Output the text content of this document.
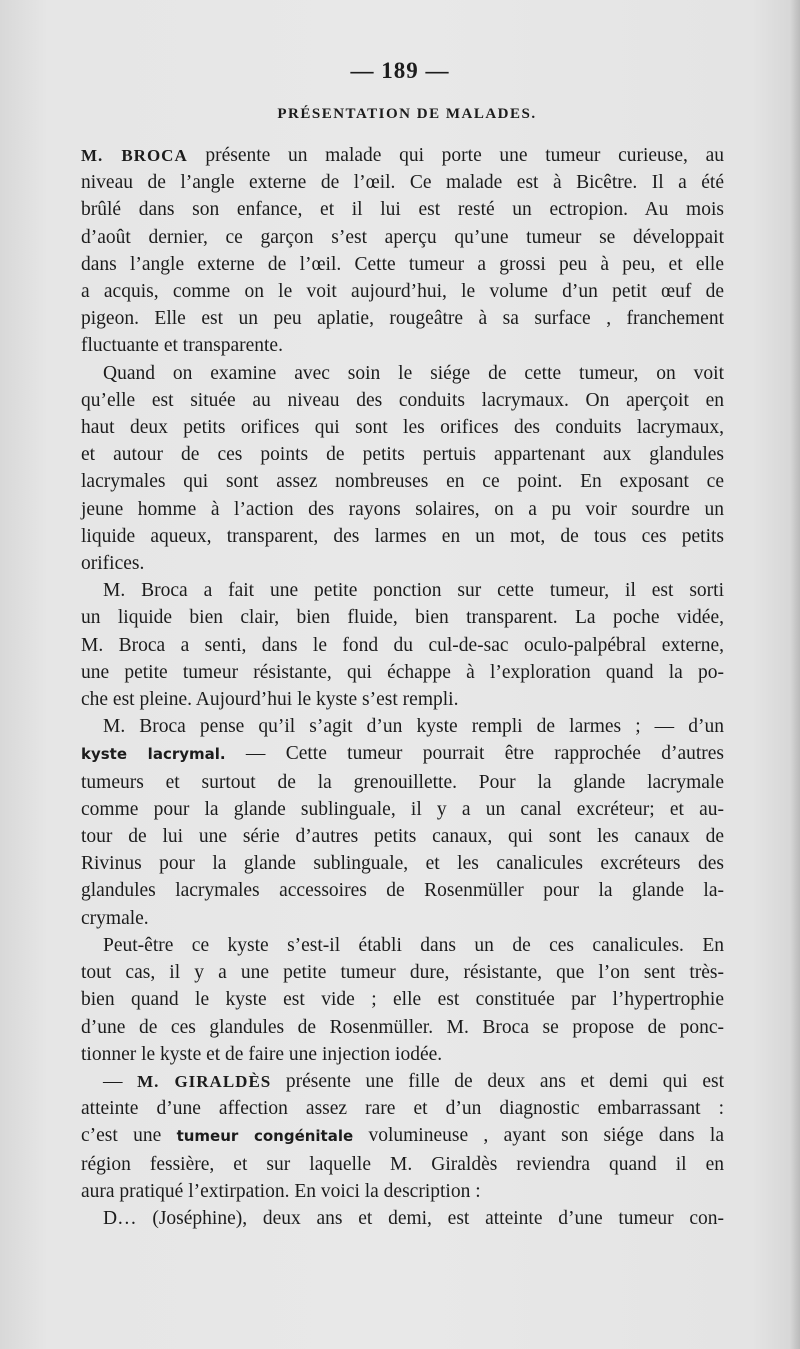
— 189 —
PRÉSENTATION DE MALADES.
M. BROCA présente un malade qui porte une tumeur curieuse, au
niveau de l’angle externe de l’œil. Ce malade est à Bicêtre. Il a été
brûlé dans son enfance, et il lui est resté un ectropion. Au mois
d’août dernier, ce garçon s’est aperçu qu’une tumeur se développait
dans l’angle externe de l’œil. Cette tumeur a grossi peu à peu, et elle
a acquis, comme on le voit aujourd’hui, le volume d’un petit œuf de
pigeon. Elle est un peu aplatie, rougeâtre à sa surface , franchement
fluctuante et transparente.
Quand on examine avec soin le siége de cette tumeur, on voit
qu’elle est située au niveau des conduits lacrymaux. On aperçoit en
haut deux petits orifices qui sont les orifices des conduits lacrymaux,
et autour de ces points de petits pertuis appartenant aux glandules
lacrymales qui sont assez nombreuses en ce point. En exposant ce
jeune homme à l’action des rayons solaires, on a pu voir sourdre un
liquide aqueux, transparent, des larmes en un mot, de tous ces petits
orifices.
M. Broca a fait une petite ponction sur cette tumeur, il est sorti
un liquide bien clair, bien fluide, bien transparent. La poche vidée,
M. Broca a senti, dans le fond du cul-de-sac oculo-palpébral externe,
une petite tumeur résistante, qui échappe à l’exploration quand la po-
che est pleine. Aujourd’hui le kyste s’est rempli.
M. Broca pense qu’il s’agit d’un kyste rempli de larmes ; — d’un
kyste lacrymal. — Cette tumeur pourrait être rapprochée d’autres
tumeurs et surtout de la grenouillette. Pour la glande lacrymale
comme pour la glande sublinguale, il y a un canal excréteur; et au-
tour de lui une série d’autres petits canaux, qui sont les canaux de
Rivinus pour la glande sublinguale, et les canalicules excréteurs des
glandules lacrymales accessoires de Rosenmüller pour la glande la-
crymale.
Peut-être ce kyste s’est-il établi dans un de ces canalicules. En
tout cas, il y a une petite tumeur dure, résistante, que l’on sent très-
bien quand le kyste est vide ; elle est constituée par l’hypertrophie
d’une de ces glandules de Rosenmüller. M. Broca se propose de ponc-
tionner le kyste et de faire une injection iodée.
— M. GIRALDÈS présente une fille de deux ans et demi qui est
atteinte d’une affection assez rare et d’un diagnostic embarrassant :
c’est une tumeur congénitale volumineuse , ayant son siége dans la
région fessière, et sur laquelle M. Giraldès reviendra quand il en
aura pratiqué l’extirpation. En voici la description :
D… (Joséphine), deux ans et demi, est atteinte d’une tumeur con-
